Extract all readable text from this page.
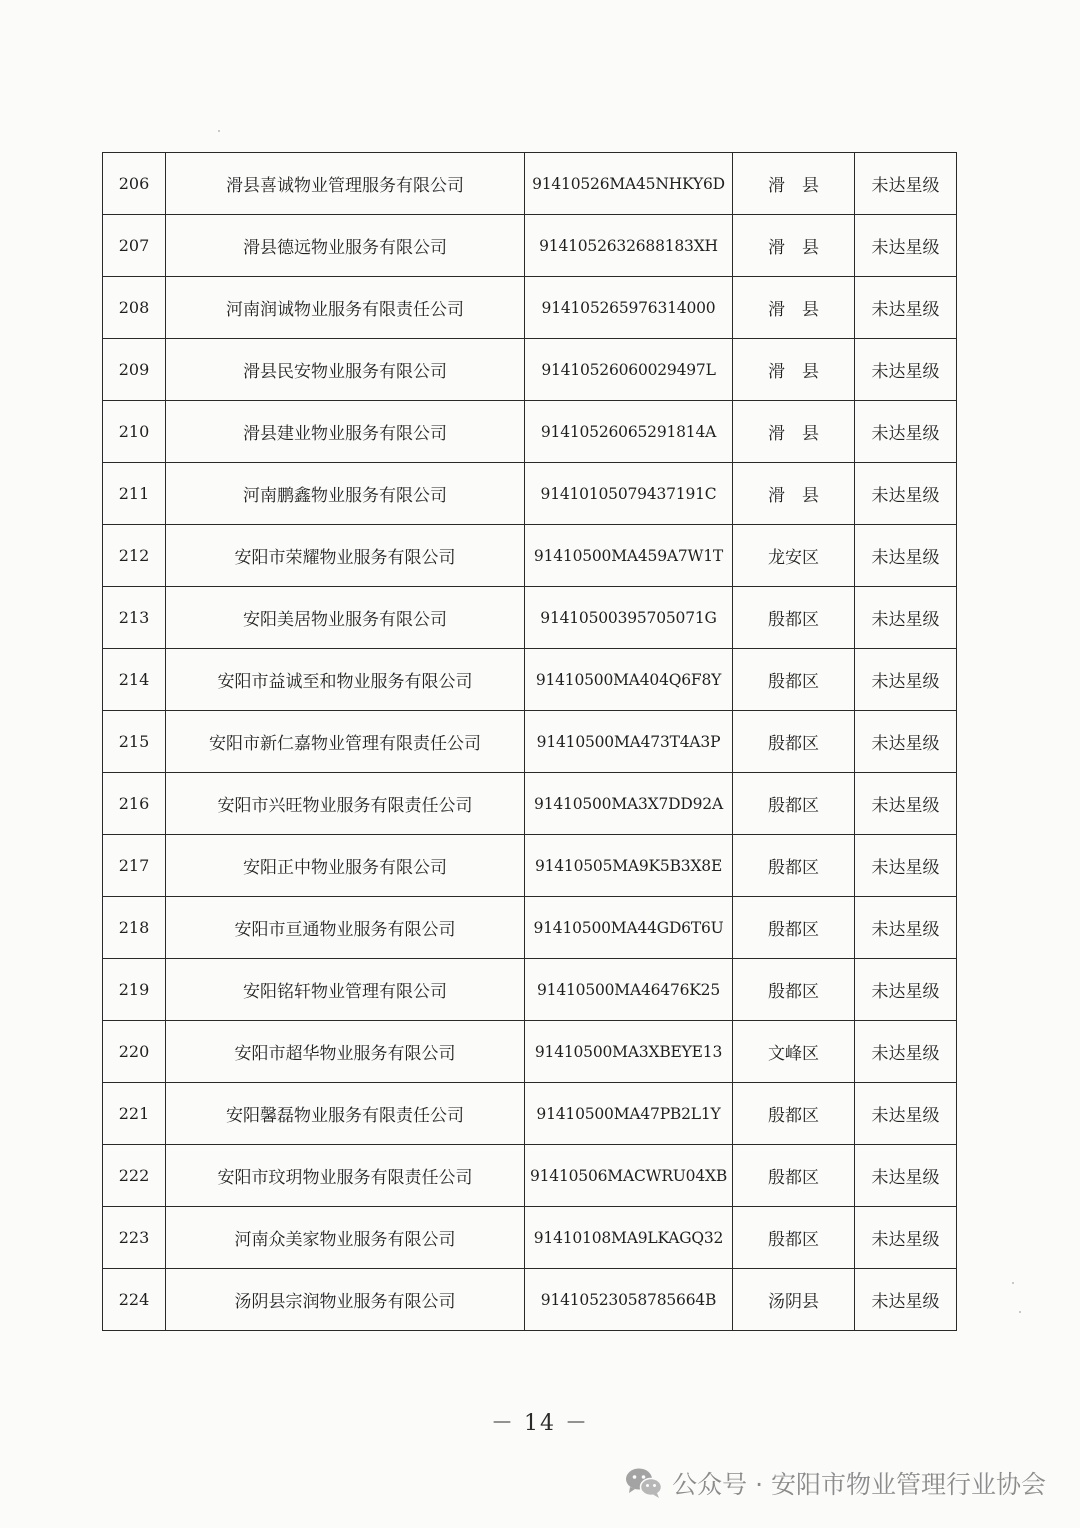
206	滑县喜诚物业管理服务有限公司	91410526MA45NHKY6D	滑　县	未达星级
207	滑县德远物业服务有限公司	9141052632688183XH	滑　县	未达星级
208	河南润诚物业服务有限责任公司	914105265976314000	滑　县	未达星级
209	滑县民安物业服务有限公司	91410526060029497L	滑　县	未达星级
210	滑县建业物业服务有限公司	91410526065291814A	滑　县	未达星级
211	河南鹏鑫物业服务有限公司	91410105079437191C	滑　县	未达星级
212	安阳市荣耀物业服务有限公司	91410500MA459A7W1T	龙安区	未达星级
213	安阳美居物业服务有限公司	91410500395705071G	殷都区	未达星级
214	安阳市益诚至和物业服务有限公司	91410500MA404Q6F8Y	殷都区	未达星级
215	安阳市新仁嘉物业管理有限责任公司	91410500MA473T4A3P	殷都区	未达星级
216	安阳市兴旺物业服务有限责任公司	91410500MA3X7DD92A	殷都区	未达星级
217	安阳正中物业服务有限公司	91410505MA9K5B3X8E	殷都区	未达星级
218	安阳市亘通物业服务有限公司	91410500MA44GD6T6U	殷都区	未达星级
219	安阳铭轩物业管理有限公司	91410500MA46476K25	殷都区	未达星级
220	安阳市超华物业服务有限公司	91410500MA3XBEYE13	文峰区	未达星级
221	安阳馨磊物业服务有限责任公司	91410500MA47PB2L1Y	殷都区	未达星级
222	安阳市玟玥物业服务有限责任公司	91410506MACWRU04XB	殷都区	未达星级
223	河南众美家物业服务有限公司	91410108MA9LKAGQ32	殷都区	未达星级
224	汤阴县宗润物业服务有限公司	91410523058785664B	汤阴县	未达星级
－ 14 －
公众号 · 安阳市物业管理行业协会
